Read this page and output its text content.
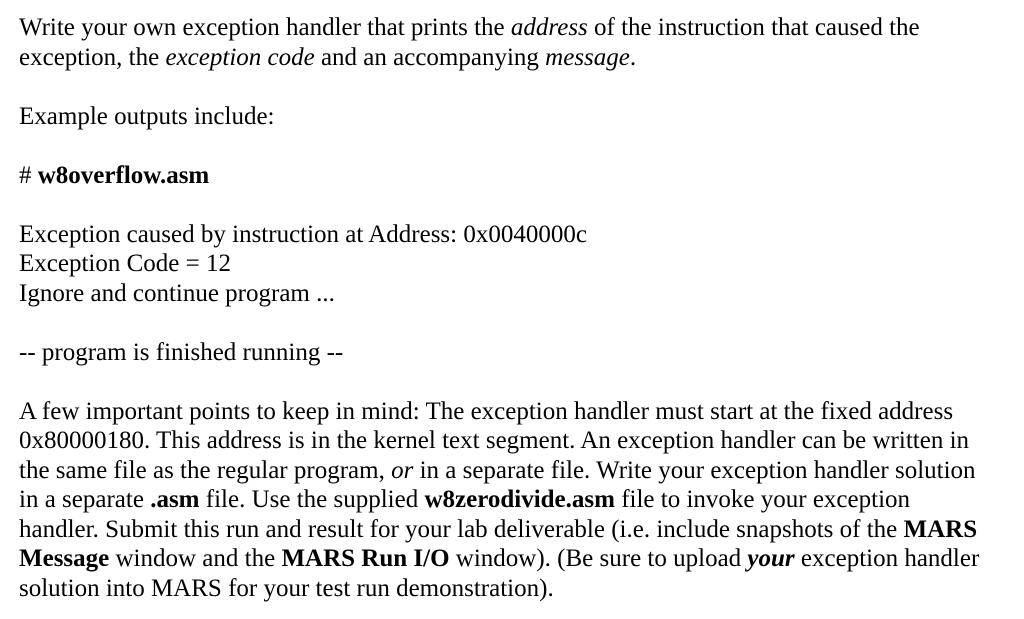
Write your own exception handler that prints the address of the instruction that caused the
exception, the exception code and an accompanying message.

Example outputs include:

# w8overflow.asm

Exception caused by instruction at Address: 0x0040000c
Exception Code = 12
Ignore and continue program ...

-- program is finished running --

A few important points to keep in mind: The exception handler must start at the fixed address
0x80000180. This address is in the kernel text segment. An exception handler can be written in
the same file as the regular program, or in a separate file. Write your exception handler solution
in a separate .asm file. Use the supplied w8zerodivide.asm file to invoke your exception
handler. Submit this run and result for your lab deliverable (i.e. include snapshots of the MARS
Message window and the MARS Run I/O window). (Be sure to upload your exception handler
solution into MARS for your test run demonstration).
